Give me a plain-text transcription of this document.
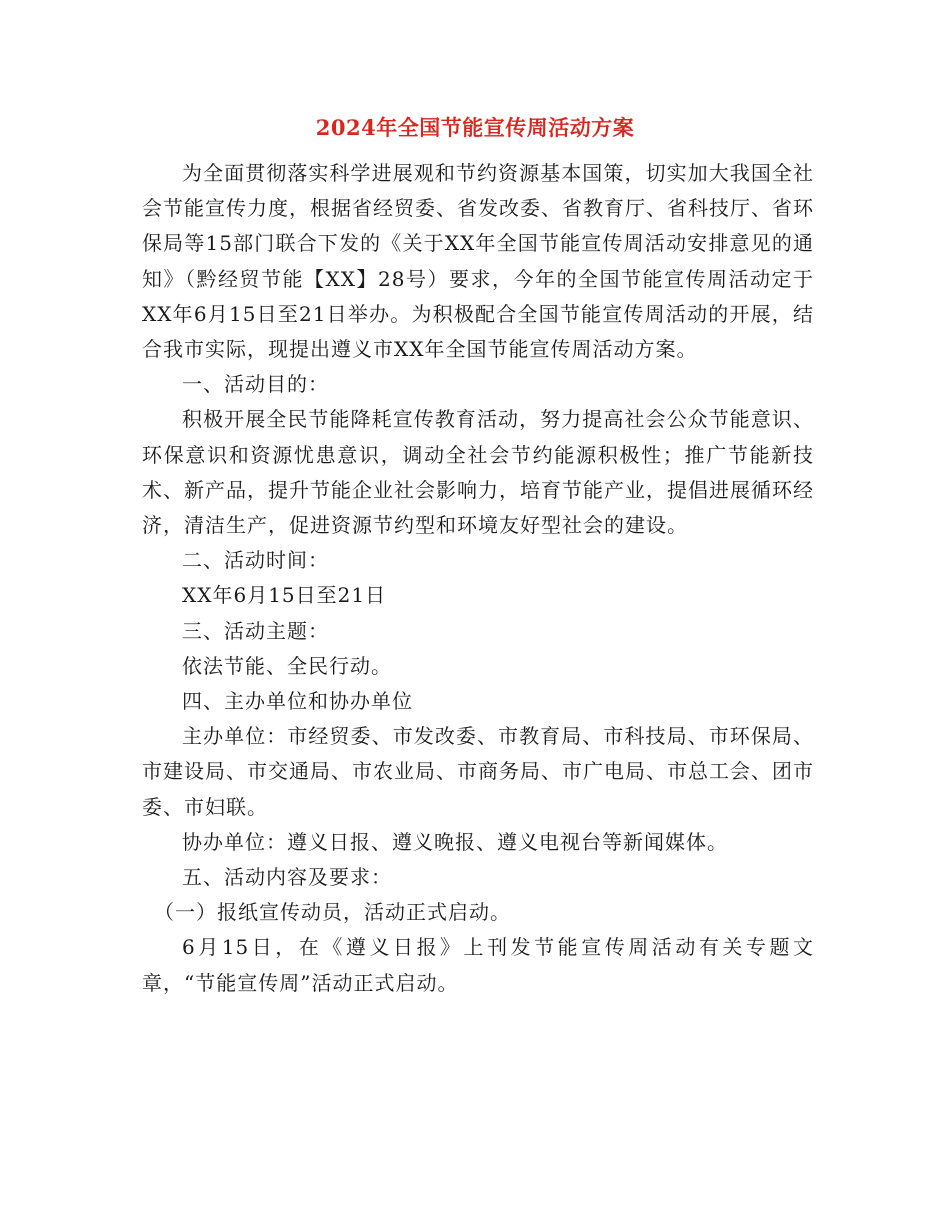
2024年全国节能宣传周活动方案

为全面贯彻落实科学进展观和节约资源基本国策，切实加大我国全社会节能宣传力度，根据省经贸委、省发改委、省教育厅、省科技厅、省环保局等15部门联合下发的《关于XX年全国节能宣传周活动安排意见的通知》（黔经贸节能【XX】28号）要求，今年的全国节能宣传周活动定于XX年6月15日至21日举办。为积极配合全国节能宣传周活动的开展，结合我市实际，现提出遵义市XX年全国节能宣传周活动方案。

一、活动目的：

积极开展全民节能降耗宣传教育活动，努力提高社会公众节能意识、环保意识和资源忧患意识，调动全社会节约能源积极性；推广节能新技术、新产品，提升节能企业社会影响力，培育节能产业，提倡进展循环经济，清洁生产，促进资源节约型和环境友好型社会的建设。

二、活动时间：

XX年6月15日至21日

三、活动主题：

依法节能、全民行动。

四、主办单位和协办单位

主办单位：市经贸委、市发改委、市教育局、市科技局、市环保局、市建设局、市交通局、市农业局、市商务局、市广电局、市总工会、团市委、市妇联。

协办单位：遵义日报、遵义晚报、遵义电视台等新闻媒体。

五、活动内容及要求：

（一）报纸宣传动员，活动正式启动。

6月15日，在《遵义日报》上刊发节能宣传周活动有关专题文章，“节能宣传周”活动正式启动。
